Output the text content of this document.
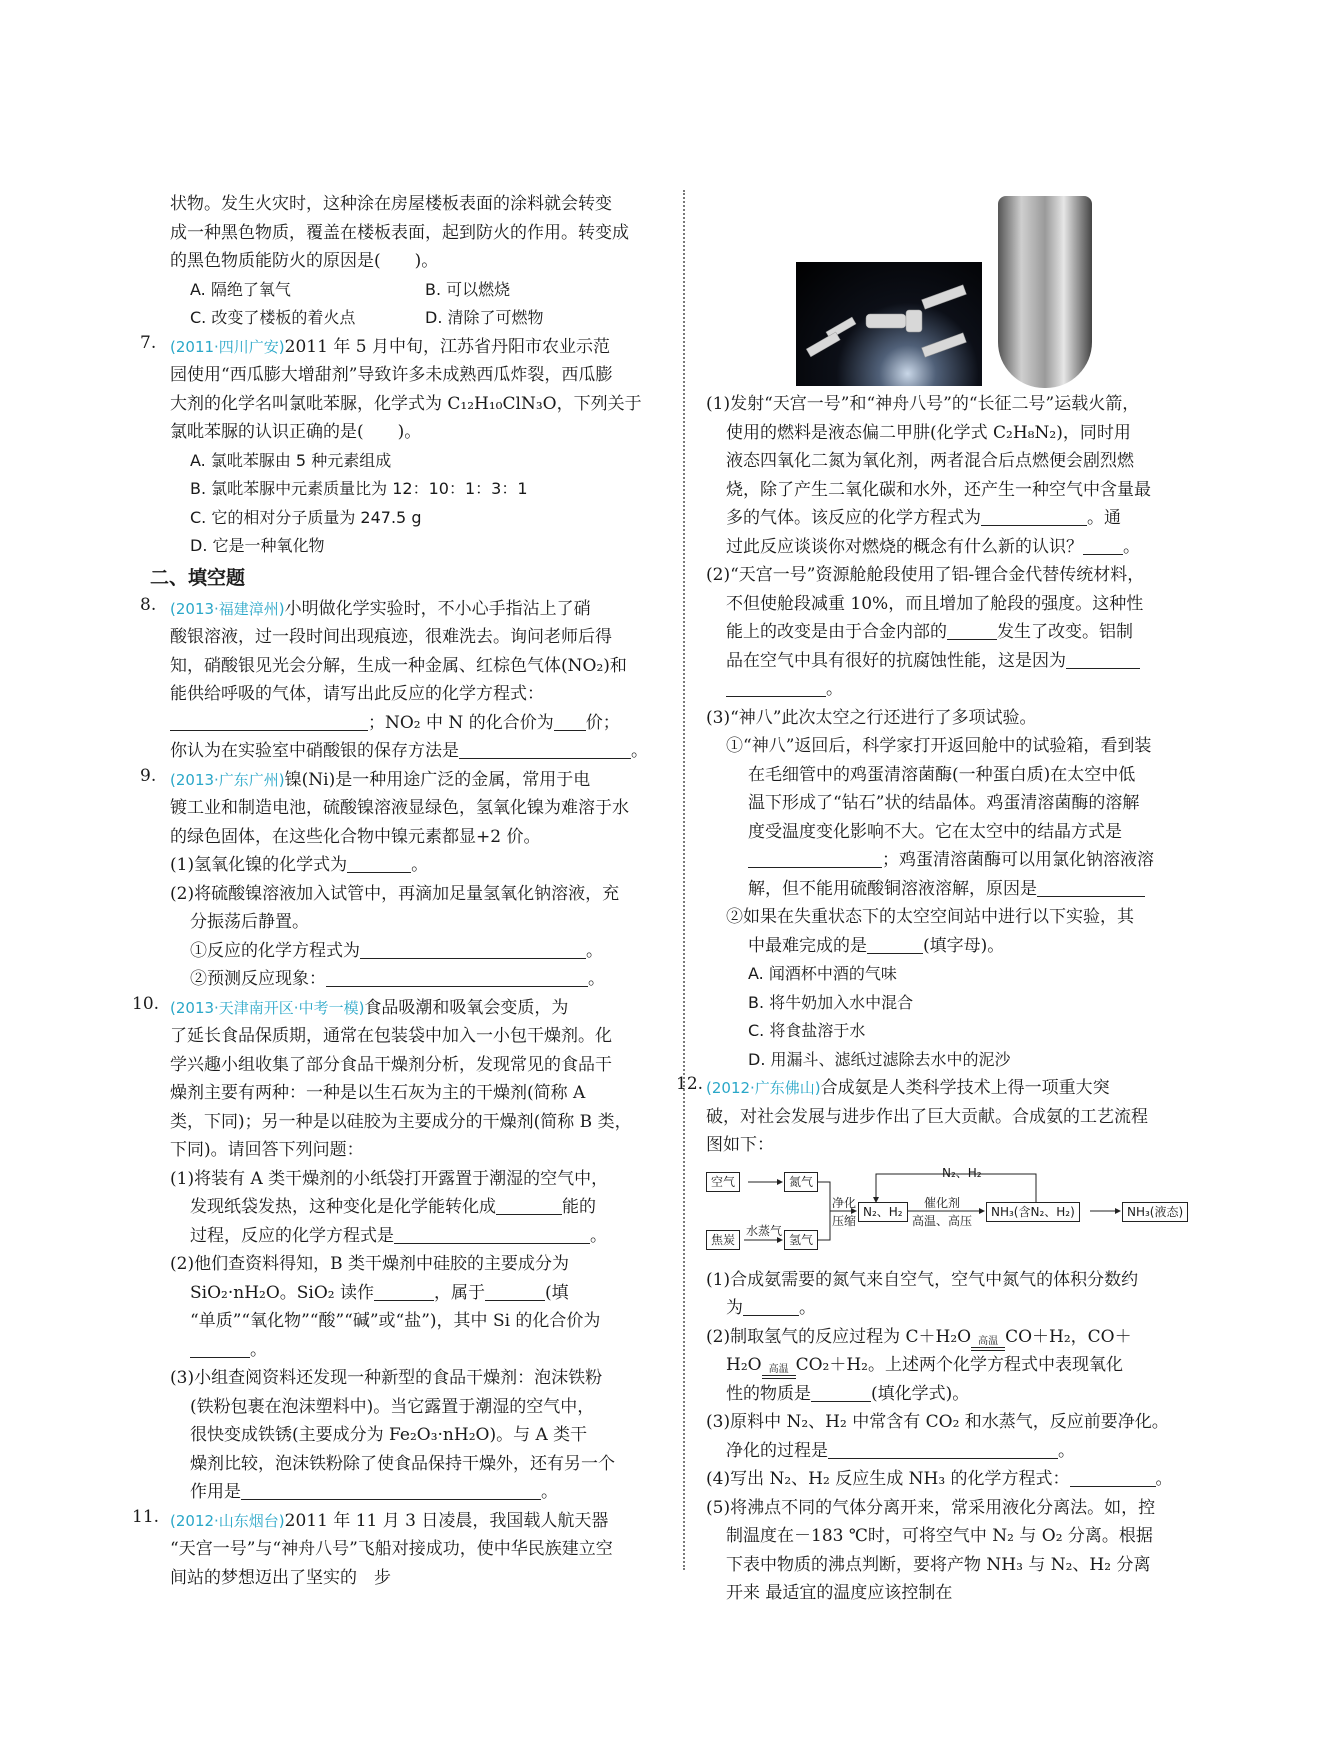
状物。发生火灾时，这种涂在房屋楼板表面的涂料就会转变

成一种黑色物质，覆盖在楼板表面，起到防火的作用。转变成

的黑色物质能防火的原因是(　　)。

A. 隔绝了氧气	B. 可以燃烧

C. 改变了楼板的着火点	D. 清除了可燃物

7. (2011·四川广安)2011 年 5 月中旬，江苏省丹阳市农业示范

园使用“西瓜膨大增甜剂”导致许多未成熟西瓜炸裂，西瓜膨

大剂的化学名叫氯吡苯脲，化学式为 C₁₂H₁₀ClN₃O，下列关于

氯吡苯脲的认识正确的是(　　)。

A. 氯吡苯脲由 5 种元素组成

B. 氯吡苯脲中元素质量比为 12：10：1：3：1

C. 它的相对分子质量为 247.5 g

D. 它是一种氧化物

二、填空题

8. (2013·福建漳州)小明做化学实验时，不小心手指沾上了硝

酸银溶液，过一段时间出现痕迹，很难洗去。询问老师后得

知，硝酸银见光会分解，生成一种金属、红棕色气体(NO₂)和

能供给呼吸的气体，请写出此反应的化学方程式：

；NO₂ 中 N 的化合价为 价；

你认为在实验室中硝酸银的保存方法是	。

9. (2013·广东广州)镍(Ni)是一种用途广泛的金属，常用于电

镀工业和制造电池，硫酸镍溶液显绿色，氢氧化镍为难溶于水

的绿色固体，在这些化合物中镍元素都显+2 价。

(1)氢氧化镍的化学式为	。

(2)将硫酸镍溶液加入试管中，再滴加足量氢氧化钠溶液，充

分振荡后静置。

①反应的化学方程式为	。

②预测反应现象：	。

10. (2013·天津南开区·中考一模)食品吸潮和吸氧会变质，为

了延长食品保质期，通常在包装袋中加入一小包干燥剂。化

学兴趣小组收集了部分食品干燥剂分析，发现常见的食品干

燥剂主要有两种：一种是以生石灰为主的干燥剂(简称 A

类，下同)；另一种是以硅胶为主要成分的干燥剂(简称 B 类，

下同)。请回答下列问题：

(1)将装有 A 类干燥剂的小纸袋打开露置于潮湿的空气中，

发现纸袋发热，这种变化是化学能转化成	能的

过程，反应的化学方程式是	。

(2)他们查资料得知，B 类干燥剂中硅胶的主要成分为

SiO₂·nH₂O。SiO₂ 读作	，属于	(填

“单质”“氧化物”“酸”“碱”或“盐”)，其中 Si 的化合价为

。

(3)小组查阅资料还发现一种新型的食品干燥剂：泡沫铁粉

(铁粉包裹在泡沫塑料中)。当它露置于潮湿的空气中，

很快变成铁锈(主要成分为 Fe₂O₃·nH₂O)。与 A 类干

燥剂比较，泡沫铁粉除了使食品保持干燥外，还有另一个

作用是	。

11. (2012·山东烟台)2011 年 11 月 3 日凌晨，我国载人航天器

“天宫一号”与“神舟八号”飞船对接成功，使中华民族建立空

间站的梦想迈出了坚实的　步

(1)发射“天宫一号”和“神舟八号”的“长征二号”运载火箭，

使用的燃料是液态偏二甲肼(化学式 C₂H₈N₂)，同时用

液态四氧化二氮为氧化剂，两者混合后点燃便会剧烈燃

烧，除了产生二氧化碳和水外，还产生一种空气中含量最

多的气体。该反应的化学方程式为	。通

过此反应谈谈你对燃烧的概念有什么新的认识？ 。

(2)“天宫一号”资源舱舱段使用了铝-锂合金代替传统材料，

不但使舱段减重 10%，而且增加了舱段的强度。这种性

能上的改变是由于合金内部的	发生了改变。铝制

品在空气中具有很好的抗腐蚀性能，这是因为

。

(3)“神八”此次太空之行还进行了多项试验。

①“神八”返回后，科学家打开返回舱中的试验箱，看到装

在毛细管中的鸡蛋清溶菌酶(一种蛋白质)在太空中低

温下形成了“钻石”状的结晶体。鸡蛋清溶菌酶的溶解

度受温度变化影响不大。它在太空中的结晶方式是

；鸡蛋清溶菌酶可以用氯化钠溶液溶

解，但不能用硫酸铜溶液溶解，原因是

②如果在失重状态下的太空空间站中进行以下实验，其

中最难完成的是	(填字母)。

A. 闻酒杯中酒的气味

B. 将牛奶加入水中混合

C. 将食盐溶于水

D. 用漏斗、滤纸过滤除去水中的泥沙

12. (2012·广东佛山)合成氨是人类科学技术上得一项重大突

破，对社会发展与进步作出了巨大贡献。合成氨的工艺流程

图如下：

空气	氮气
焦炭
水蒸气
氢气
净化
压缩
N₂、H₂
N₂、H₂
催化剂
高温、高压
NH₃(含N₂、H₂)	NH₃(液态)

(1)合成氨需要的氮气来自空气，空气中氮气的体积分数约

为	。

(2)制取氢气的反应过程为 C＋H₂O 高温 CO＋H₂，CO＋

H₂O 高温 CO₂＋H₂。上述两个化学方程式中表现氧化

性的物质是	(填化学式)。

(3)原料中 N₂、H₂ 中常含有 CO₂ 和水蒸气，反应前要净化。

净化的过程是	。

(4)写出 N₂、H₂ 反应生成 NH₃ 的化学方程式：	。

(5)将沸点不同的气体分离开来，常采用液化分离法。如，控

制温度在－183 ℃时，可将空气中 N₂ 与 O₂ 分离。根据

下表中物质的沸点判断，要将产物 NH₃ 与 N₂、H₂ 分离

开来 最适宜的温度应该控制在
